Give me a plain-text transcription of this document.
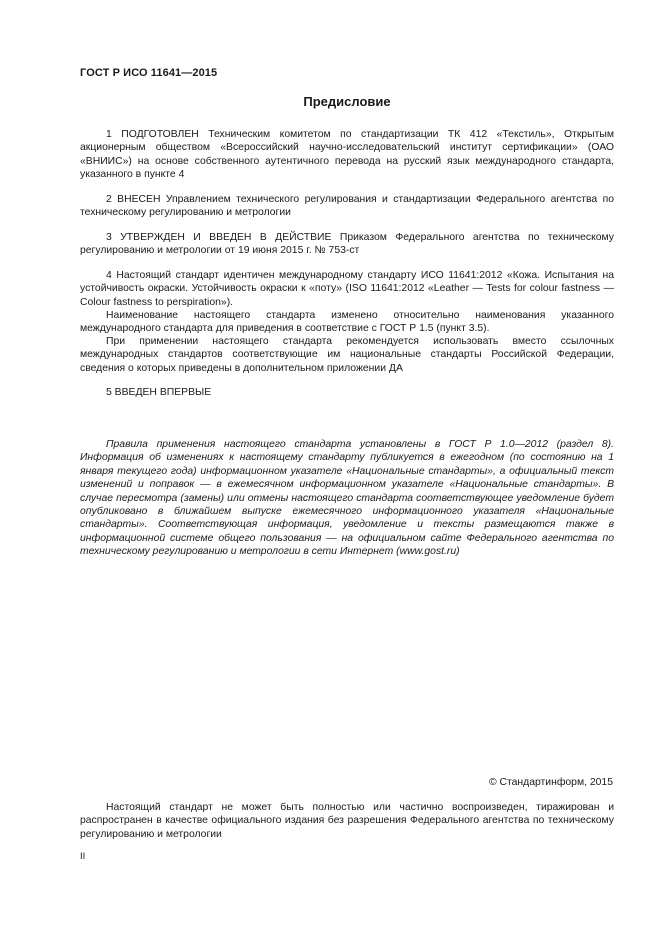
ГОСТ Р ИСО 11641—2015
Предисловие
1 ПОДГОТОВЛЕН Техническим комитетом по стандартизации ТК 412 «Текстиль», Открытым акционерным обществом «Всероссийский научно-исследовательский институт сертификации» (ОАО «ВНИИС») на основе собственного аутентичного перевода на русский язык международного стандарта, указанного в пункте 4
2 ВНЕСЕН Управлением технического регулирования и стандартизации Федерального агентства по техническому регулированию и метрологии
3 УТВЕРЖДЕН И ВВЕДЕН В ДЕЙСТВИЕ Приказом Федерального агентства по техническому регулированию и метрологии от 19 июня 2015 г. № 753-ст
4 Настоящий стандарт идентичен международному стандарту ИСО 11641:2012 «Кожа. Испытания на устойчивость окраски. Устойчивость окраски к «поту» (ISO 11641:2012 «Leather — Tests for colour fastness — Colour fastness to perspiration»).
Наименование настоящего стандарта изменено относительно наименования указанного международного стандарта для приведения в соответствие с ГОСТ Р 1.5 (пункт 3.5).
При применении настоящего стандарта рекомендуется использовать вместо ссылочных международных стандартов соответствующие им национальные стандарты Российской Федерации, сведения о которых приведены в дополнительном приложении ДА
5 ВВЕДЕН ВПЕРВЫЕ
Правила применения настоящего стандарта установлены в ГОСТ Р 1.0—2012 (раздел 8). Информация об изменениях к настоящему стандарту публикуется в ежегодном (по состоянию на 1 января текущего года) информационном указателе «Национальные стандарты», а официальный текст изменений и поправок — в ежемесячном информационном указателе «Национальные стандарты». В случае пересмотра (замены) или отмены настоящего стандарта соответствующее уведомление будет опубликовано в ближайшем выпуске ежемесячного информационного указателя «Национальные стандарты». Соответствующая информация, уведомление и тексты размещаются также в информационной системе общего пользования — на официальном сайте Федерального агентства по техническому регулированию и метрологии в сети Интернет (www.gost.ru)
© Стандартинформ, 2015
Настоящий стандарт не может быть полностью или частично воспроизведен, тиражирован и распространен в качестве официального издания без разрешения Федерального агентства по техническому регулированию и метрологии
II
